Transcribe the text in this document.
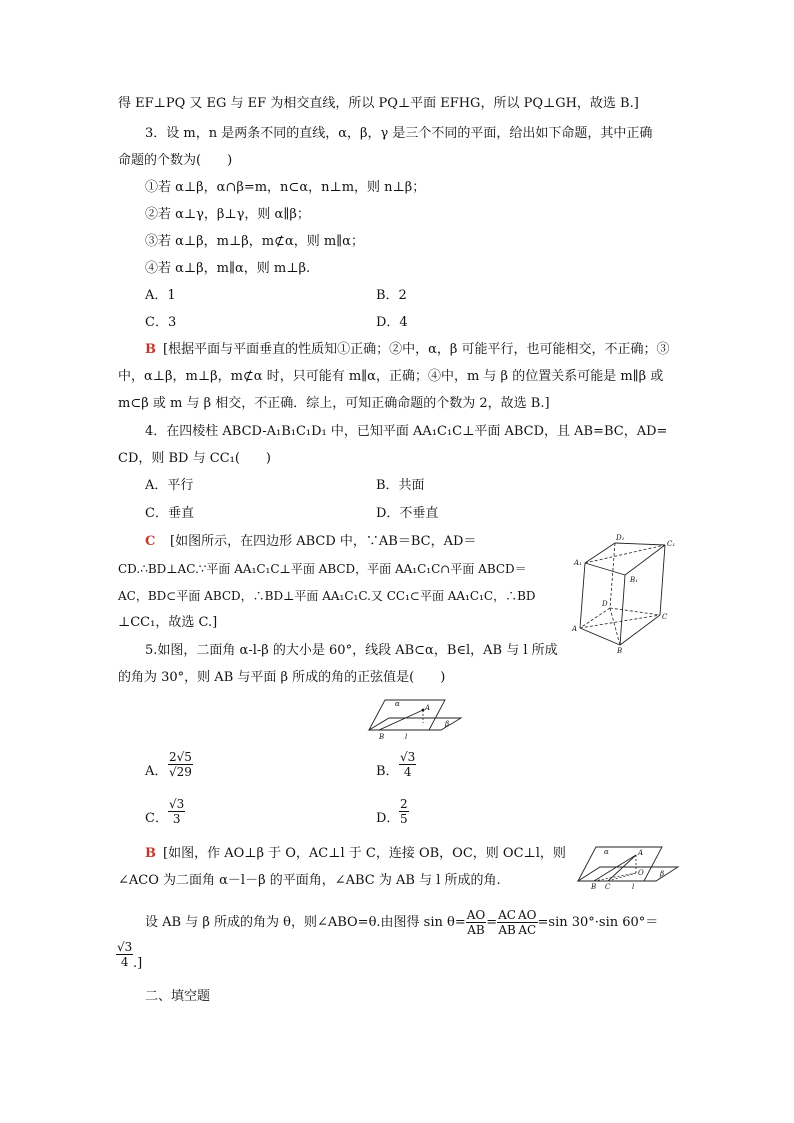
得 EF⊥PQ 又 EG 与 EF 为相交直线，所以 PQ⊥平面 EFHG，所以 PQ⊥GH，故选 B.]
3．设 m，n 是两条不同的直线，α，β，γ 是三个不同的平面，给出如下命题，其中正确
命题的个数为(　　)
①若 α⊥β，α∩β=m，n⊂α，n⊥m，则 n⊥β；
②若 α⊥γ，β⊥γ，则 α∥β；
③若 α⊥β，m⊥β，m⊄α，则 m∥α；
④若 α⊥β，m∥α，则 m⊥β.
A．1	B．2
C．3	D．4
B [根据平面与平面垂直的性质知①正确；②中，α，β 可能平行，也可能相交，不正确；③
中，α⊥β，m⊥β，m⊄α 时，只可能有 m∥α，正确；④中，m 与 β 的位置关系可能是 m∥β 或
m⊂β 或 m 与 β 相交，不正确．综上，可知正确命题的个数为 2，故选 B.]
4．在四棱柱 ABCD-A₁B₁C₁D₁ 中，已知平面 AA₁C₁C⊥平面 ABCD，且 AB=BC，AD=
CD，则 BD 与 CC₁(　　)
A．平行	B．共面
C．垂直	D．不垂直
C [如图所示，在四边形 ABCD 中，∵AB＝BC，AD＝
CD.∴BD⊥AC.∵平面 AA₁C₁C⊥平面 ABCD，平面 AA₁C₁C∩平面 ABCD＝
AC，BD⊂平面 ABCD，∴BD⊥平面 AA₁C₁C.又 CC₁⊂平面 AA₁C₁C，∴BD
⊥CC₁，故选 C.]
D₁
C₁
A₁
B₁
D
C
A
B
5.如图，二面角 α-l-β 的大小是 60°，线段 AB⊂α，B∈l，AB 与 l 所成
的角为 30°，则 AB 与平面 β 所成的角的正弦值是(　　)
α	A
β
B	l
A． $\frac{2√5}{√29}$	B． $\frac{√3}{4}$
C． $\frac{√3}{3}$	D． $\frac{2}{5}$
B [如图，作 AO⊥β 于 O，AC⊥l 于 C，连接 OB，OC，则 OC⊥l，则
∠ACO 为二面角 α－l－β 的平面角，∠ABC 为 AB 与 l 所成的角.
α	A
O β
B C	l
设 AB 与 β 所成的角为 θ，则∠ABO=θ.由图得 $\sin \theta= \frac{AO}{AB} = \frac{AC}{AB} \frac{AO}{AC} =\sin$ 30°·sin 60°＝
$\frac{√3}{4}$ .]
二、填空题
